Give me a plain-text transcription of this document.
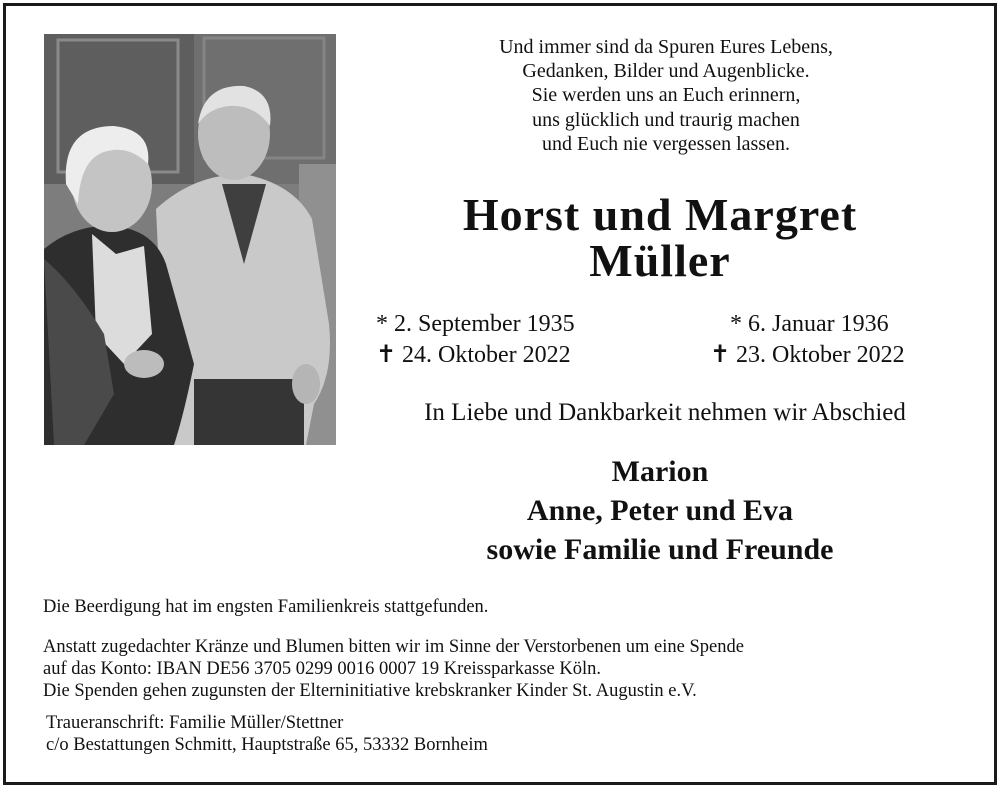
Und immer sind da Spuren Eures Lebens,
Gedanken, Bilder und Augenblicke.
Sie werden uns an Euch erinnern,
uns glücklich und traurig machen
und Euch nie vergessen lassen.
Horst und Margret
Müller
* 2. September 1935
✝ 24. Oktober 2022
* 6. Januar 1936
✝ 23. Oktober 2022
In Liebe und Dankbarkeit nehmen wir Abschied
Marion
Anne, Peter und Eva
sowie Familie und Freunde
Die Beerdigung hat im engsten Familienkreis stattgefunden.
Anstatt zugedachter Kränze und Blumen bitten wir im Sinne der Verstorbenen um eine Spende
auf das Konto: IBAN DE56 3705 0299 0016 0007 19 Kreissparkasse Köln.
Die Spenden gehen zugunsten der Elterninitiative krebskranker Kinder St. Augustin e.V.
Traueranschrift: Familie Müller/Stettner
c/o Bestattungen Schmitt, Hauptstraße 65, 53332 Bornheim
